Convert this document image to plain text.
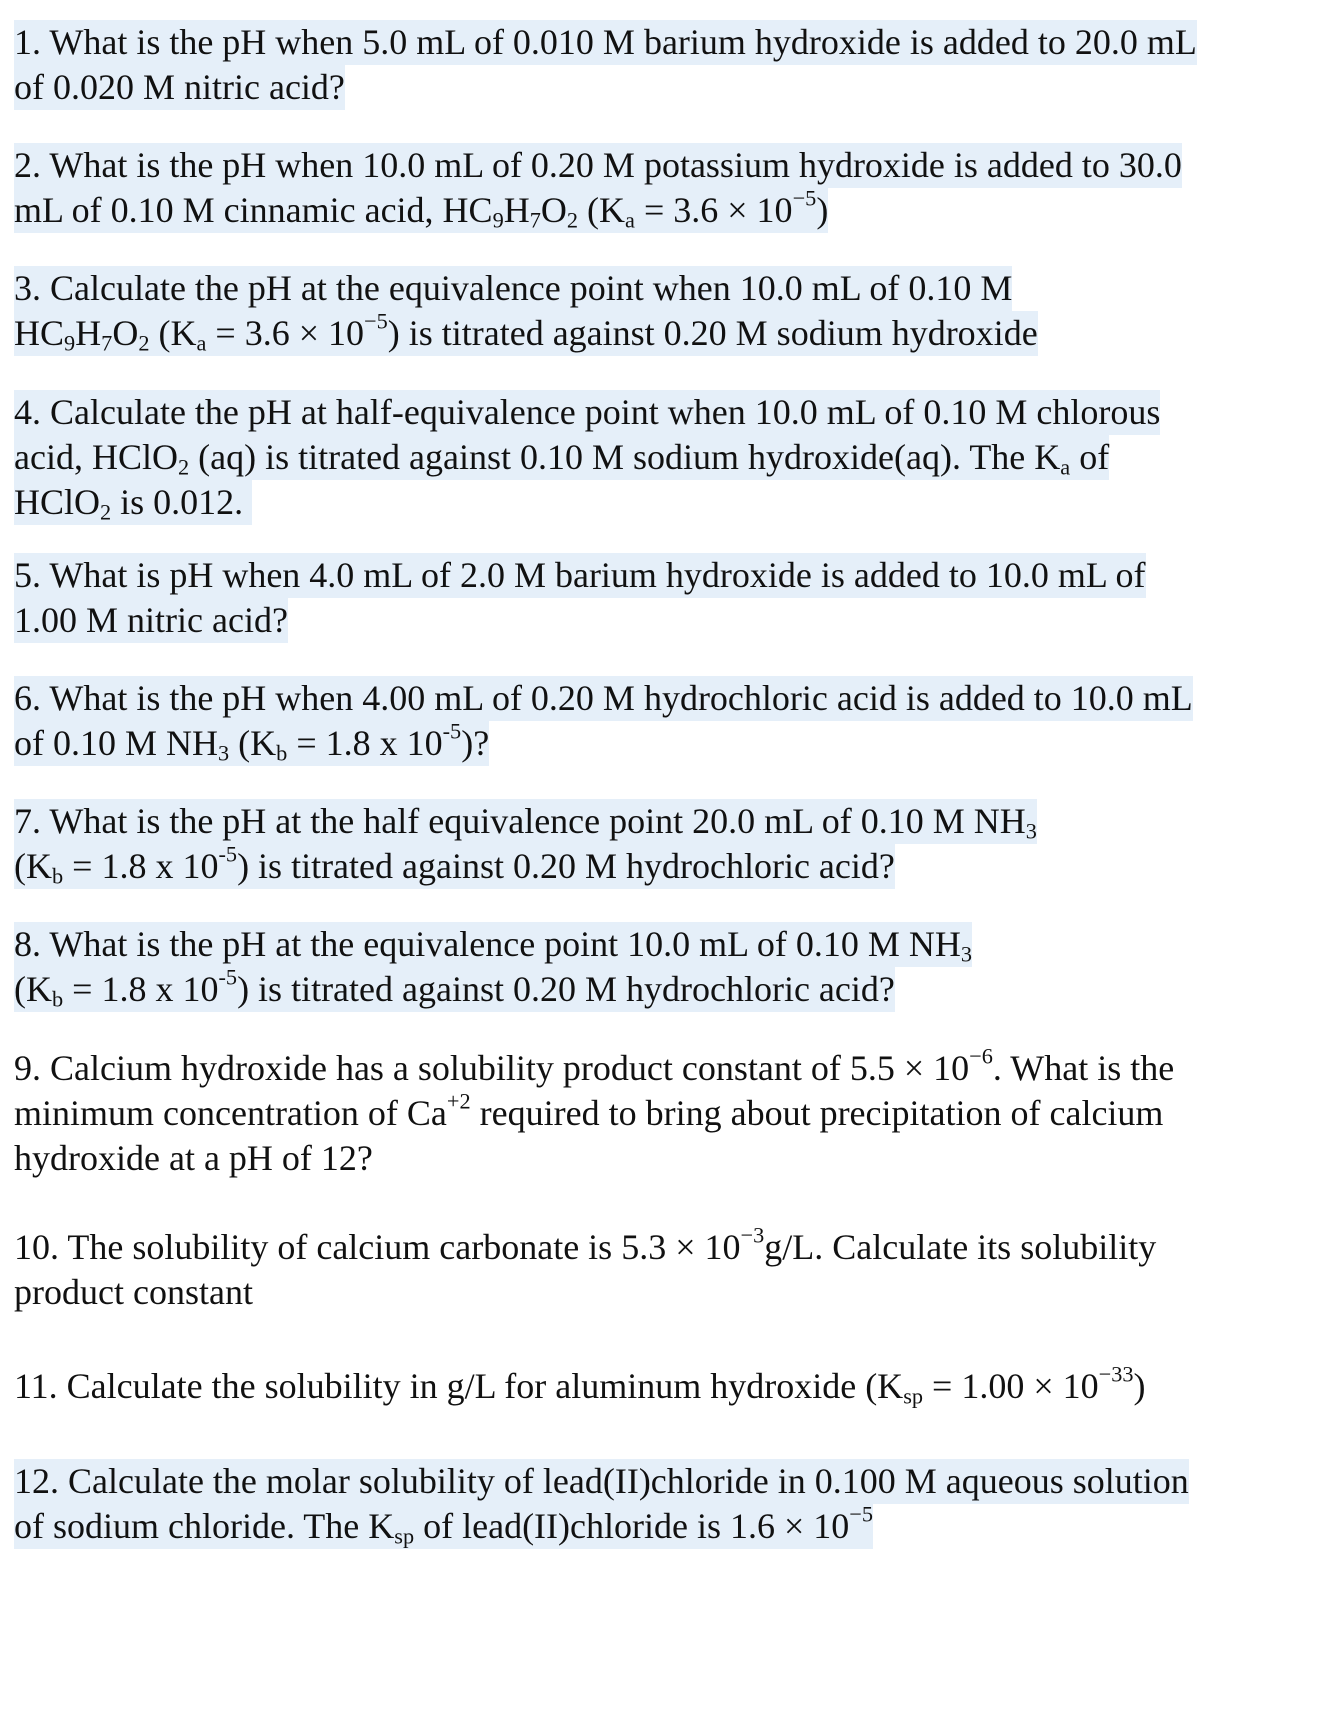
1. What is the pH when 5.0 mL of 0.010 M barium hydroxide is added to 20.0 mL
of 0.020 M nitric acid?
2. What is the pH when 10.0 mL of 0.20 M potassium hydroxide is added to 30.0
mL of 0.10 M cinnamic acid, $HC_9H_7O_2$ $(K_a = 3.6 \times 10^{-5})$
3. Calculate the pH at the equivalence point when 10.0 mL of 0.10 M
$HC_9H_7O_2$ $(K_a = 3.6 \times 10^{-5})$ is titrated against 0.20 M sodium hydroxide
4. Calculate the pH at half-equivalence point when 10.0 mL of 0.10 M chlorous
acid, HClO$_2$ (aq) is titrated against 0.10 M sodium hydroxide(aq). The $K_a$ of
HClO$_2$ is 0.012.
5. What is pH when 4.0 mL of 2.0 M barium hydroxide is added to 10.0 mL of
1.00 M nitric acid?
6. What is the pH when 4.00 mL of 0.20 M hydrochloric acid is added to 10.0 mL
of 0.10 M $NH_3$ ($K_b = 1.8$ x $10^{-5}$)?
7. What is the pH at the half equivalence point 20.0 mL of 0.10 M $NH_3$
($K_b = 1.8$ x $10^{-5}$) is titrated against 0.20 M hydrochloric acid?
8. What is the pH at the equivalence point 10.0 mL of 0.10 M $NH_3$
($K_b = 1.8$ x $10^{-5}$) is titrated against 0.20 M hydrochloric acid?
9. Calcium hydroxide has a solubility product constant of $5.5 \times 10^{-6}$. What is the
minimum concentration of $Ca^{+2}$ required to bring about precipitation of calcium
hydroxide at a pH of 12?
10. The solubility of calcium carbonate is $5.3 \times 10^{-3}g/L$. Calculate its solubility
product constant
11. Calculate the solubility in g/L for aluminum hydroxide $(K_{sp} = 1.00 \times 10^{-33})$
12. Calculate the molar solubility of lead(II)chloride in 0.100 M aqueous solution
of sodium chloride. The $K_{sp}$ of lead(II)chloride is $1.6 \times 10^{-5}$
